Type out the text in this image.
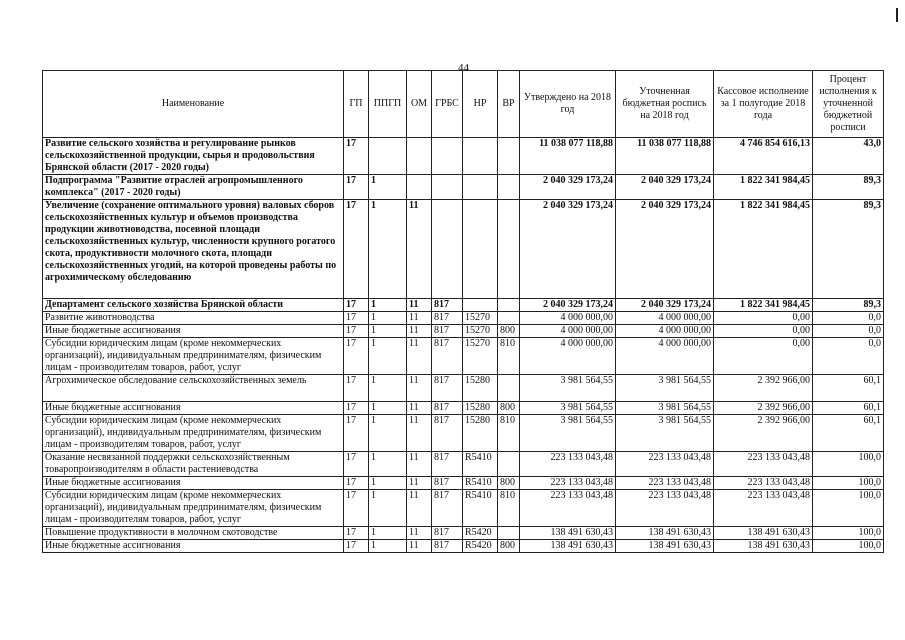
44
Наименование	ГП	ППГП	ОМ	ГРБС	НР	ВР	Утверждено на 2018 год	Уточненная бюджетная роспись на 2018 год	Кассовое исполнение за 1 полугодие 2018 года	Процент исполнения к уточненной бюджетной росписи
Развитие сельского хозяйства и регулирование рынков сельскохозяйственной продукции, сырья и продовольствия Брянской области (2017 - 2020 годы)	17						11 038 077 118,88	11 038 077 118,88	4 746 854 616,13	43,0
Подпрограмма "Развитие отраслей агропромышленного комплекса" (2017 - 2020 годы)	17	1					2 040 329 173,24	2 040 329 173,24	1 822 341 984,45	89,3
Увеличение (сохранение оптимального уровня) валовых сборов сельскохозяйственных культур и объемов производства продукции животноводства, посевной площади сельскохозяйственных культур, численности крупного рогатого скота, продуктивности молочного скота, площади сельскохозяйственных угодий, на которой проведены работы по агрохимическому обследованию	17	1	11				2 040 329 173,24	2 040 329 173,24	1 822 341 984,45	89,3

Департамент сельского хозяйства Брянской области	17	1	11	817			2 040 329 173,24	2 040 329 173,24	1 822 341 984,45	89,3
Развитие животноводства	17	1	11	817	15270		4 000 000,00	4 000 000,00	0,00	0,0
Иные бюджетные ассигнования	17	1	11	817	15270	800	4 000 000,00	4 000 000,00	0,00	0,0
Субсидии юридическим лицам (кроме некоммерческих организаций), индивидуальным предпринимателям, физическим лицам - производителям товаров, работ, услуг	17	1	11	817	15270	810	4 000 000,00	4 000 000,00	0,00	0,0
Агрохимическое обследование сельскохозяйственных земель	17	1	11	817	15280		3 981 564,55	3 981 564,55	2 392 966,00	60,1

Иные бюджетные ассигнования	17	1	11	817	15280	800	3 981 564,55	3 981 564,55	2 392 966,00	60,1
Субсидии юридическим лицам (кроме некоммерческих организаций), индивидуальным предпринимателям, физическим лицам - производителям товаров, работ, услуг	17	1	11	817	15280	810	3 981 564,55	3 981 564,55	2 392 966,00	60,1
Оказание несвязанной поддержки сельскохозяйственным товаропроизводителям в области растениеводства	17	1	11	817	R5410		223 133 043,48	223 133 043,48	223 133 043,48	100,0
Иные бюджетные ассигнования	17	1	11	817	R5410	800	223 133 043,48	223 133 043,48	223 133 043,48	100,0
Субсидии юридическим лицам (кроме некоммерческих организаций), индивидуальным предпринимателям, физическим лицам - производителям товаров, работ, услуг	17	1	11	817	R5410	810	223 133 043,48	223 133 043,48	223 133 043,48	100,0
Повышение продуктивности в молочном скотоводстве	17	1	11	817	R5420		138 491 630,43	138 491 630,43	138 491 630,43	100,0
Иные бюджетные ассигнования	17	1	11	817	R5420	800	138 491 630,43	138 491 630,43	138 491 630,43	100,0
